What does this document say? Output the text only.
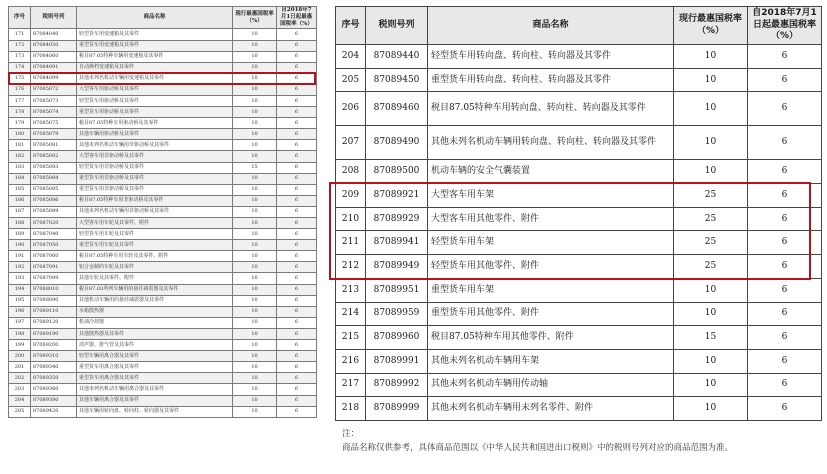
序号	税则号列	商品名称	现行最惠国税率（%）	自2018年7月1日起最惠国税率（%）
171	87084040	轻型货车用变速箱及其零件	10	6
172	87084050	重型货车用变速箱及其零件	10	6
173	87084060	税目87.05特种车辆用变速箱及其零件	10	6
174	87084091	自动换档变速箱及其零件	10	6
175	87084099	其他未列名机动车辆用变速箱及其零件	10	6
176	87085072	大型客车用驱动桥及其零件	10	6
177	87085073	轻型货车用驱动桥及其零件	10	6
178	87085074	重型货车用驱动桥及其零件	10	6
179	87085075	税目87.05特种车用驱动桥及其零件	10	6
180	87085079	其他车辆用驱动桥及其零件	10	6
181	87085081	其他未列名机动车辆用非驱动桥及其零件	10	6
182	87085082	大型客车用非驱动桥及其零件	10	6
183	87085083	轻型货车用非驱动桥及其零件	15	6
184	87085084	重型货车用非驱动桥及其零件	10	6
185	87085085	重型货车用非驱动桥及其零件	10	6
186	87085086	税目87.05特种车用非驱动桥及其零件	10	6
187	87085089	其他未列名机动车辆用非驱动桥及其零件	10	6
188	87087020	大型客车用车轮及其零件、附件	10	6
189	87087040	轻型货车用车轮及其零件	10	6
190	87087050	重型货车用车轮及其零件	10	6
191	87087060	税目87.05特种车用车轮及其零件、附件	10	6
192	87087091	铝合金制的车轮及其零件	10	6
193	87087099	其他车轮及其零件、附件	10	6
194	87088010	税目87.03所列车辆用的悬挂减震器及其零件	10	6
195	87088090	其他机动车辆用的悬挂减震器及其零件	10	6
196	87089110	水箱散热器	10	6
197	87089120	机油冷却器	10	6
198	87089190	其他散热器及其零件	10	6
199	87089200	消声器、排气管及其零件	10	6
200	87089310	轻型车辆用离合器及其零件	10	6
201	87089340	重型货车用离合器及其零件	10	6
202	87089350	重型货车用离合器及其零件	10	6
203	87089360	其他未列名机动车辆用离合器及其零件	10	6
204	87089390	其他车辆用离合器及其零件	10	6
205	87089420	其他车辆用转向盘、转向柱、转向器及其零件	10	6
序号	税则号列	商品名称	现行最惠国税率（%）	自2018年7月1日起最惠国税率（%）
204	87089440	轻型货车用转向盘、转向柱、转向器及其零件	10	6
205	87089450	重型货车用转向盘、转向柱、转向器及其零件	10	6
206	87089460	税目87.05特种车用转向盘、转向柱、转向器及其零件	10	6
207	87089490	其他未列名机动车辆用转向盘、转向柱、转向器及其零件	10	6
208	87089500	机动车辆的安全气囊装置	10	6
209	87089921	大型客车用车架	25	6
210	87089929	大型客车用其他零件、附件	25	6
211	87089941	轻型货车用车架	25	6
212	87089949	轻型货车用其他零件、附件	25	6
213	87089951	重型货车用车架	10	6
214	87089959	重型货车用其他零件、附件	10	6
215	87089960	税目87.05特种车用其他零件、附件	15	6
216	87089991	其他未列名机动车辆用车架	10	6
217	87089992	其他未列名机动车辆用传动轴	10	6
218	87089999	其他未列名机动车辆用未列名零件、附件	10	6
注：
商品名称仅供参考，具体商品范围以《中华人民共和国进出口税则》中的税则号列对应的商品范围为准。
